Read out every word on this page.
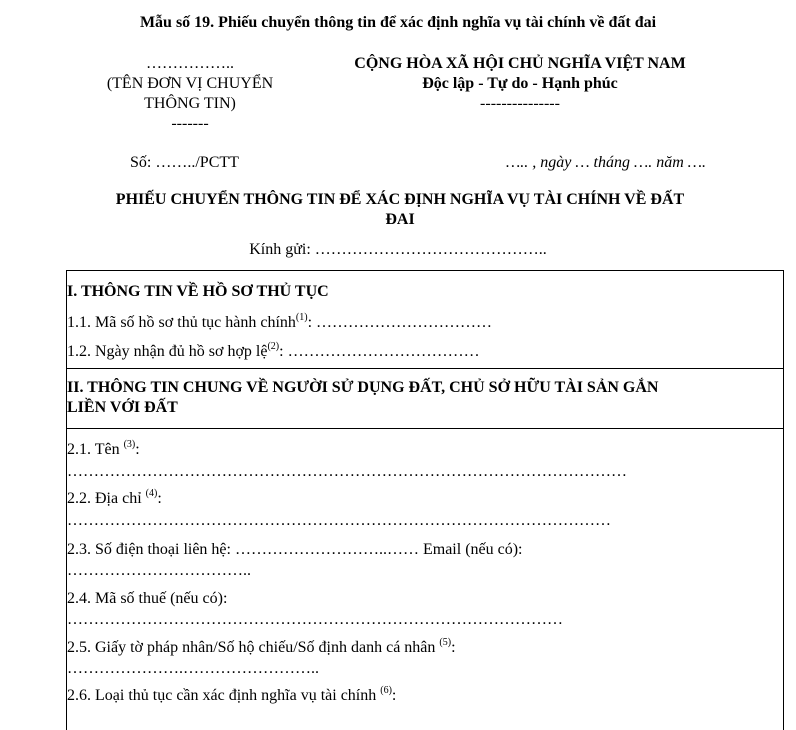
Mẫu số 19. Phiếu chuyển thông tin để xác định nghĩa vụ tài chính về đất đai
……………..
(TÊN ĐƠN VỊ CHUYỂN
THÔNG TIN)
-------
CỘNG HÒA XÃ HỘI CHỦ NGHĨA VIỆT NAM
Độc lập - Tự do - Hạnh phúc
---------------
Số: ……../PCTT	….. , ngày … tháng …. năm ….
PHIẾU CHUYỂN THÔNG TIN ĐỂ XÁC ĐỊNH NGHĨA VỤ TÀI CHÍNH VỀ ĐẤT
ĐAI
Kính gửi: ……………………………………..
I. THÔNG TIN VỀ HỒ SƠ THỦ TỤC
1.1. Mã số hồ sơ thủ tục hành chính$^{(1)}$: ……………………………
1.2. Ngày nhận đủ hồ sơ hợp lệ$^{(2)}$: ………………………………
II. THÔNG TIN CHUNG VỀ NGƯỜI SỬ DỤNG ĐẤT, CHỦ SỞ HỮU TÀI SẢN GẮN
LIỀN VỚI ĐẤT
2.1. Tên $^{(3)}$:
……………………………………………………………………………………………
2.2. Địa chỉ $^{(4)}$:
…………………………………………………………………………………………
2.3. Số điện thoại liên hệ: ………………………..…… Email (nếu có):
……………………………..
2.4. Mã số thuế (nếu có):
…………………………………………………………………………………
2.5. Giấy tờ pháp nhân/Số hộ chiếu/Số định danh cá nhân $^{(5)}$:
………………….……………………..
2.6. Loại thủ tục cần xác định nghĩa vụ tài chính $^{(6)}$:
